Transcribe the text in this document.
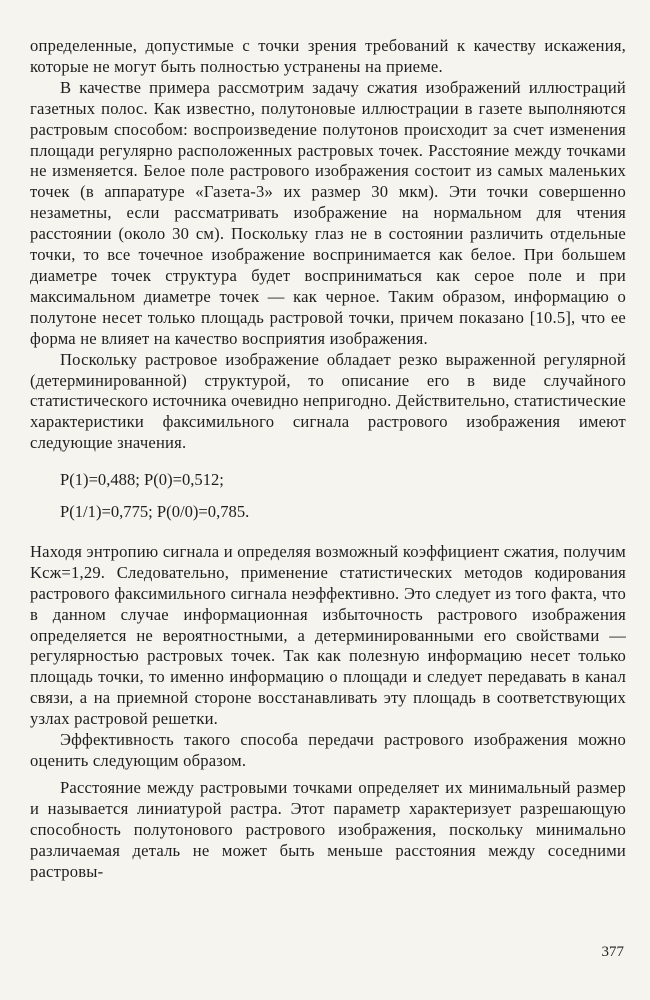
определенные, допустимые с точки зрения требований к качеству искажения, которые не могут быть полностью устранены на приеме.

В качестве примера рассмотрим задачу сжатия изображений иллюстраций газетных полос. Как известно, полутоновые иллюстрации в газете выполняются растровым способом: воспроизведение полутонов происходит за счет изменения площади регулярно расположенных растровых точек. Расстояние между точками не изменяется. Белое поле растрового изображения состоит из самых маленьких точек (в аппаратуре «Газета-3» их размер 30 мкм). Эти точки совершенно незаметны, если рассматривать изображение на нормальном для чтения расстоянии (около 30 см). Поскольку глаз не в состоянии различить отдельные точки, то все точечное изображение воспринимается как белое. При большем диаметре точек структура будет восприниматься как серое поле и при максимальном диаметре точек — как черное. Таким образом, информацию о полутоне несет только площадь растровой точки, причем показано [10.5], что ее форма не влияет на качество восприятия изображения.

Поскольку растровое изображение обладает резко выраженной регулярной (детерминированной) структурой, то описание его в виде случайного статистического источника очевидно непригодно. Действительно, статистические характеристики факсимильного сигнала растрового изображения имеют следующие значения.

P(1)=0,488; P(0)=0,512;
P(1/1)=0,775; P(0/0)=0,785.

Находя энтропию сигнала и определяя возможный коэффициент сжатия, получим Kсж=1,29. Следовательно, применение статистических методов кодирования растрового факсимильного сигнала неэффективно. Это следует из того факта, что в данном случае информационная избыточность растрового изображения определяется не вероятностными, а детерминированными его свойствами — регулярностью растровых точек. Так как полезную информацию несет только площадь точки, то именно информацию о площади и следует передавать в канал связи, а на приемной стороне восстанавливать эту площадь в соответствующих узлах растровой решетки.

Эффективность такого способа передачи растрового изображения можно оценить следующим образом.

Расстояние между растровыми точками определяет их минимальный размер и называется линиатурой растра. Этот параметр характеризует разрешающую способность полутонового растрового изображения, поскольку минимально различаемая деталь не может быть меньше расстояния между соседними растровы-

377
